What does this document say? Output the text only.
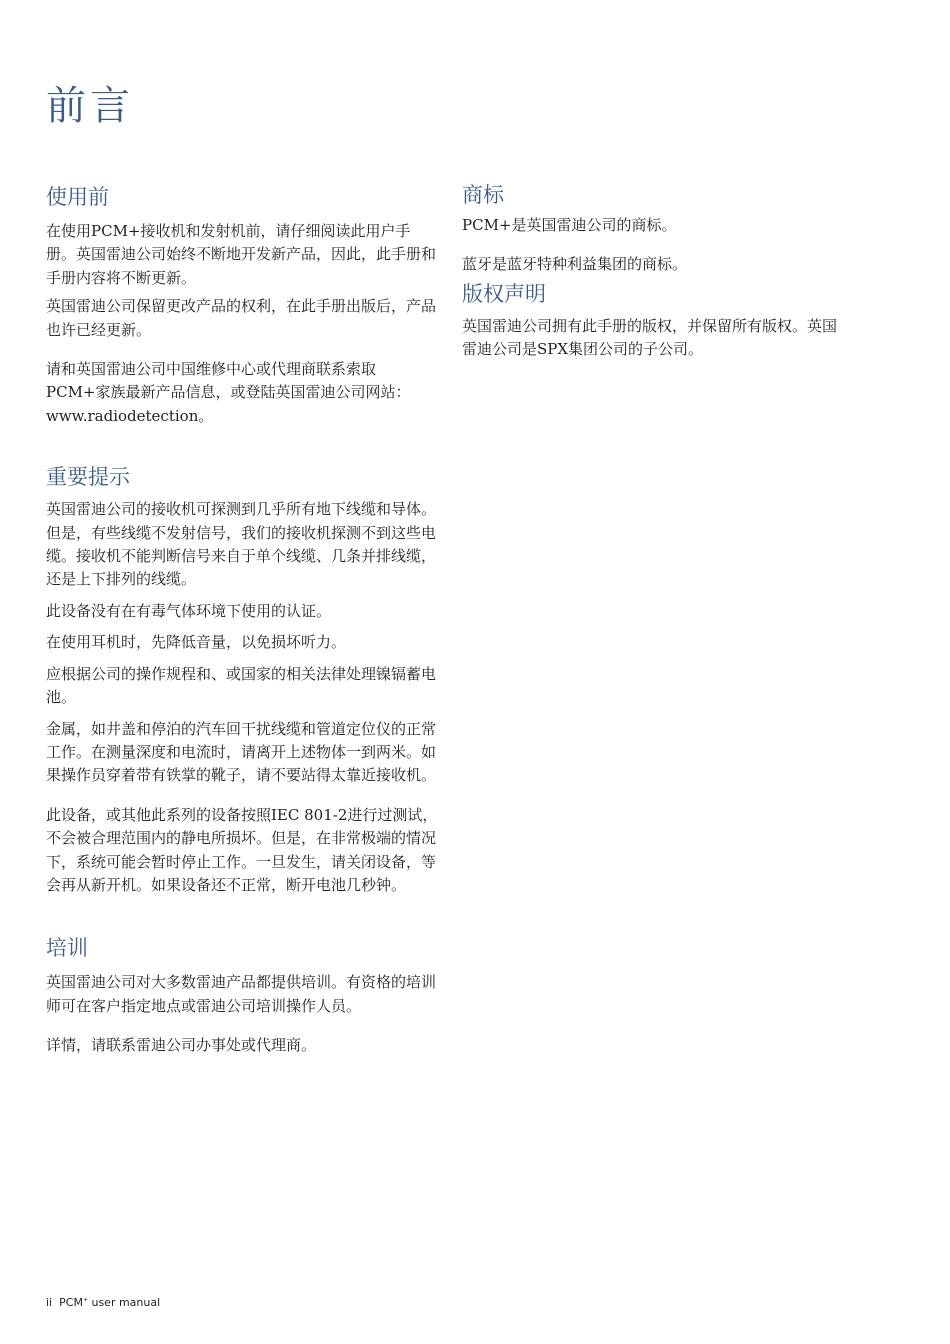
前言
使用前

在使用PCM+接收机和发射机前，请仔细阅读此用户手册。英国雷迪公司始终不断地开发新产品，因此，此手册和手册内容将不断更新。

英国雷迪公司保留更改产品的权利，在此手册出版后，产品也许已经更新。

请和英国雷迪公司中国维修中心或代理商联系索取PCM+家族最新产品信息，或登陆英国雷迪公司网站：www.radiodetection。

重要提示

英国雷迪公司的接收机可探测到几乎所有地下线缆和导体。但是，有些线缆不发射信号，我们的接收机探测不到这些电缆。接收机不能判断信号来自于单个线缆、几条并排线缆，还是上下排列的线缆。

此设备没有在有毒气体环境下使用的认证。

在使用耳机时，先降低音量，以免损坏听力。

应根据公司的操作规程和、或国家的相关法律处理镍镉蓄电池。

金属，如井盖和停泊的汽车回干扰线缆和管道定位仪的正常工作。在测量深度和电流时，请离开上述物体一到两米。如果操作员穿着带有铁掌的靴子，请不要站得太靠近接收机。

此设备，或其他此系列的设备按照IEC 801-2进行过测试，不会被合理范围内的静电所损坏。但是，在非常极端的情况下，系统可能会暂时停止工作。一旦发生，请关闭设备，等会再从新开机。如果设备还不正常，断开电池几秒钟。

培训

英国雷迪公司对大多数雷迪产品都提供培训。有资格的培训师可在客户指定地点或雷迪公司培训操作人员。

详情，请联系雷迪公司办事处或代理商。

商标

PCM+是英国雷迪公司的商标。

蓝牙是蓝牙特种利益集团的商标。

版权声明

英国雷迪公司拥有此手册的版权，并保留所有版权。英国雷迪公司是SPX集团公司的子公司。

ii PCM+ user manual
